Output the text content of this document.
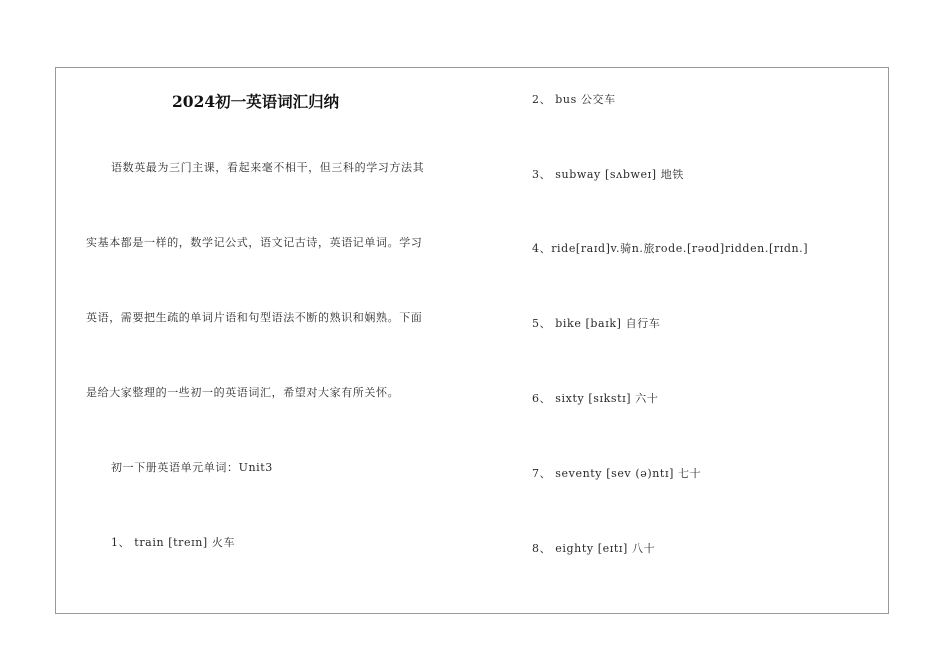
2024初一英语词汇归纳
语数英最为三门主课，看起来毫不相干，但三科的学习方法其
实基本都是一样的，数学记公式，语文记古诗，英语记单词。学习
英语，需要把生疏的单词片语和句型语法不断的熟识和娴熟。下面
是给大家整理的一些初一的英语词汇，希望对大家有所关怀。
初一下册英语单元单词：Unit3
1、 train [treɪn] 火车
2、 bus 公交车
3、 subway [sʌbweɪ] 地铁
4、ride[raɪd]v.骑n.旅rode.[rəʊd]ridden.[rɪdn.]
5、 bike [baɪk] 自行车
6、 sixty [sɪkstɪ] 六十
7、 seventy [sev (ə)ntɪ] 七十
8、 eighty [eɪtɪ] 八十
